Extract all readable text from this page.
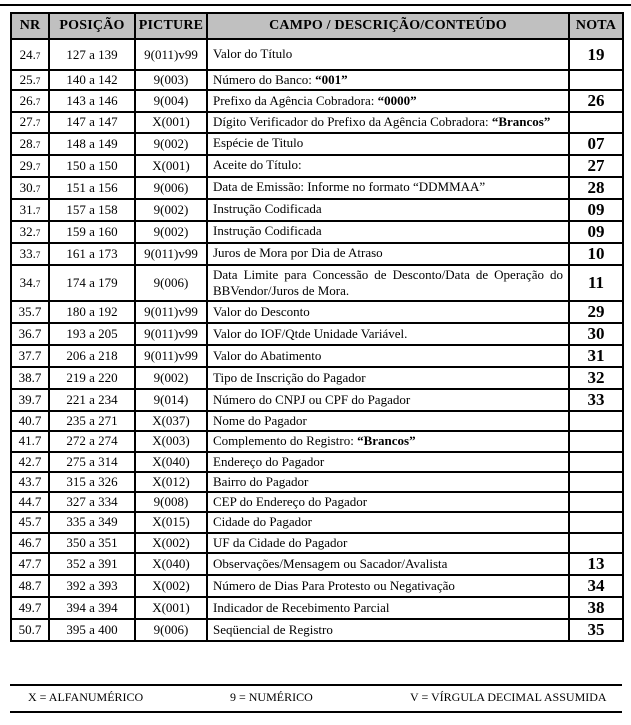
NR	POSIÇÃO	PICTURE	CAMPO / DESCRIÇÃO/CONTEÚDO	NOTA
24.7	127 a 139	9(011)v99	Valor do Título	19
25.7	140 a 142	9(003)	Número do Banco: “001”	
26.7	143 a 146	9(004)	Prefixo da Agência Cobradora: “0000”	26
27.7	147 a 147	X(001)	Dígito Verificador do Prefixo da Agência Cobradora: “Brancos”	
28.7	148 a 149	9(002)	Espécie de Titulo	07
29.7	150 a 150	X(001)	Aceite do Título:	27
30.7	151 a 156	9(006)	Data de Emissão: Informe no formato “DDMMAA”	28
31.7	157 a 158	9(002)	Instrução Codificada	09
32.7	159 a 160	9(002)	Instrução Codificada	09
33.7	161 a 173	9(011)v99	Juros de Mora por Dia de Atraso	10
34.7	174 a 179	9(006)	Data Limite para Concessão de Desconto/Data de Operação do BBVendor/Juros de Mora.	11
35.7	180 a 192	9(011)v99	Valor do Desconto	29
36.7	193 a 205	9(011)v99	Valor do IOF/Qtde Unidade Variável.	30
37.7	206 a 218	9(011)v99	Valor do Abatimento	31
38.7	219 a 220	9(002)	Tipo de Inscrição do Pagador	32
39.7	221 a 234	9(014)	Número do CNPJ ou CPF do Pagador	33
40.7	235 a 271	X(037)	Nome do Pagador	
41.7	272 a 274	X(003)	Complemento do Registro: “Brancos”	
42.7	275 a 314	X(040)	Endereço do Pagador	
43.7	315 a 326	X(012)	Bairro do Pagador	
44.7	327 a 334	9(008)	CEP do Endereço do Pagador	
45.7	335 a 349	X(015)	Cidade do Pagador	
46.7	350 a 351	X(002)	UF da Cidade do Pagador	
47.7	352 a 391	X(040)	Observações/Mensagem ou Sacador/Avalista	13
48.7	392 a 393	X(002)	Número de Dias Para Protesto ou Negativação	34
49.7	394 a 394	X(001)	Indicador de Recebimento Parcial	38
50.7	395 a 400	9(006)	Seqüencial de Registro	35
X = ALFANUMÉRICO	9 = NUMÉRICO	V = VÍRGULA DECIMAL ASSUMIDA
